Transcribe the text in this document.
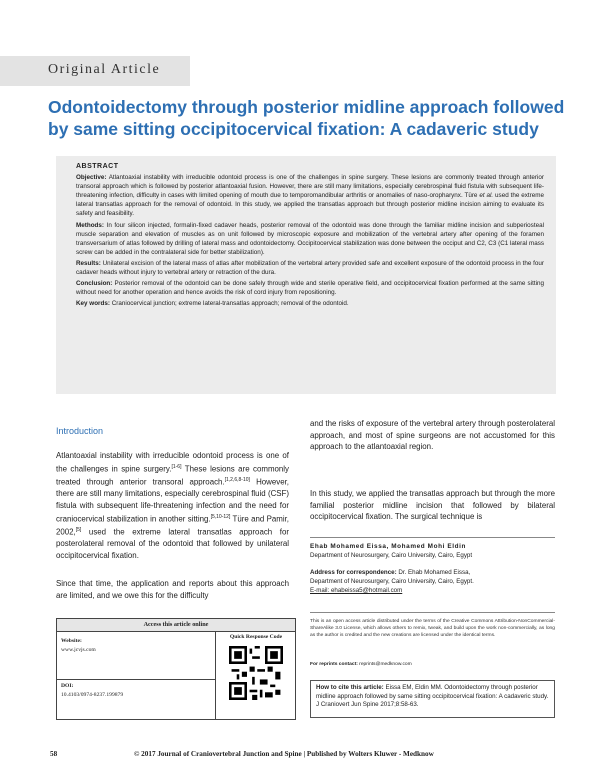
Original Article
Odontoidectomy through posterior midline approach followed by same sitting occipitocervical fixation: A cadaveric study
ABSTRACT

Objective: Atlantoaxial instability with irreducible odontoid process is one of the challenges in spine surgery. These lesions are commonly treated through anterior transoral approach which is followed by posterior atlantoaxial fusion. However, there are still many limitations, especially cerebrospinal fluid fistula with subsequent life-threatening infection, difficulty in cases with limited opening of mouth due to temporomandibular arthritis or anomalies of naso-oropharynx. Türe et al. used the extreme lateral transatlas approach for the removal of odontoid. In this study, we applied the transatlas approach but through posterior midline incision aiming to evaluate its safety and feasibility.

Methods: In four silicon injected, formalin-fixed cadaver heads, posterior removal of the odontoid was done through the familiar midline incision and subperiosteal muscle separation and elevation of muscles as on unit followed by microscopic exposure and mobilization of the vertebral artery after opening of the foramen transversarium of atlas followed by drilling of lateral mass and odontoidectomy. Occipitocervical stabilization was done between the occiput and C2, C3 (C1 lateral mass screw can be added in the contralateral side for better stabilization).

Results: Unilateral excision of the lateral mass of atlas after mobilization of the vertebral artery provided safe and excellent exposure of the odontoid process in the four cadaver heads without injury to vertebral artery or retraction of the dura.

Conclusion: Posterior removal of the odontoid can be done safely through wide and sterile operative field, and occipitocervical fixation performed at the same sitting without need for another operation and hence avoids the risk of cord injury from repositioning.

Key words: Craniocervical junction; extreme lateral-transatlas approach; removal of the odontoid.

Introduction
Atlantoaxial instability with irreducible odontoid process is one of the challenges in spine surgery.[1-6] These lesions are commonly treated through anterior transoral approach.[1,2,6,8-10] However, there are still many limitations, especially cerebrospinal fluid (CSF) fistula with subsequent life-threatening infection and the need for craniocervical stabilization in another sitting.[5,10-12] Türe and Pamir, 2002,[5] used the extreme lateral transatlas approach for posterolateral removal of the odontoid that followed by unilateral occipitocervical fixation.
Since that time, the application and reports about this approach are limited, and we owe this for the difficulty
and the risks of exposure of the vertebral artery through posterolateral approach, and most of spine surgeons are not accustomed for this approach to the atlantoaxial region.
In this study, we applied the transatlas approach but through the more familial posterior midline incision that followed by bilateral occipitocervical fixation. The surgical technique is
Ehab Mohamed Eissa, Mohamed Mohi Eldin
Department of Neurosurgery, Cairo University, Cairo, Egypt
Address for correspondence: Dr. Ehab Mohamed Eissa,
Department of Neurosurgery, Cairo University, Cairo, Egypt.
E-mail: ehabeissa5@hotmail.com
This is an open access article distributed under the terms of the Creative Commons Attribution-NonCommercial-ShareAlike 3.0 License, which allows others to remix, tweak, and build upon the work non-commercially, as long as the author is credited and the new creations are licensed under the identical terms.
For reprints contact: reprints@medknow.com
How to cite this article: Eissa EM, Eldin MM. Odontoidectomy through posterior midline approach followed by same sitting occipitocervical fixation: A cadaveric study. J Craniovert Jun Spine 2017;8:58-63.
Access this article online
Website:
www.jcvjs.com
DOI:
10.4103/0974-8237.199879
Quick Response Code
58	© 2017 Journal of Craniovertebral Junction and Spine | Published by Wolters Kluwer - Medknow
